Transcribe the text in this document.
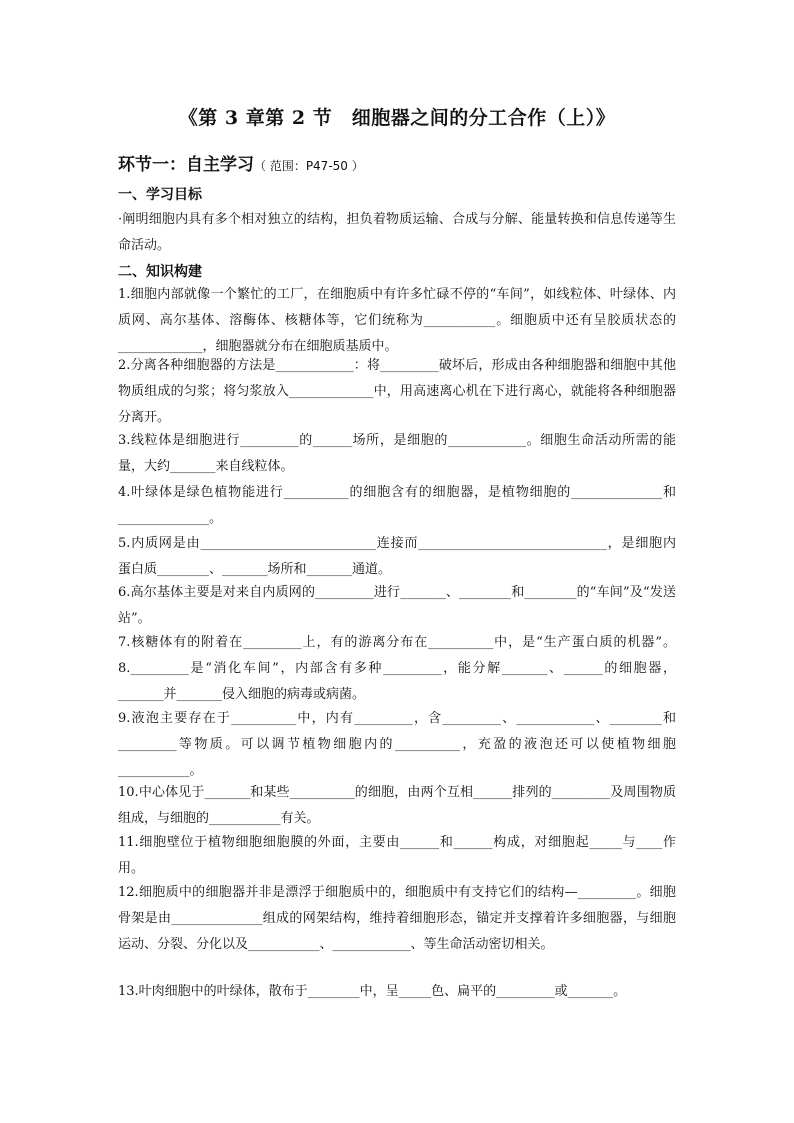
《第 3 章第 2 节　细胞器之间的分工合作（上）》
环节一：自主学习（ 范围：P47-50 ）
一、学习目标
·阐明细胞内具有多个相对独立的结构，担负着物质运输、合成与分解、能量转换和信息传递等生命活动。
二、知识构建
1.细胞内部就像一个繁忙的工厂，在细胞质中有许多忙碌不停的“车间”，如线粒体、叶绿体、内质网、高尔基体、溶酶体、核糖体等，它们统称为___________。细胞质中还有呈胶质状态的_____________，细胞器就分布在细胞质基质中。
2.分离各种细胞器的方法是____________：将_________破坏后，形成由各种细胞器和细胞中其他物质组成的匀浆；将匀浆放入_____________中，用高速离心机在下进行离心，就能将各种细胞器分离开。
3.线粒体是细胞进行_________的______场所，是细胞的____________。细胞生命活动所需的能量，大约_______来自线粒体。
4.叶绿体是绿色植物能进行__________的细胞含有的细胞器，是植物细胞的______________和______________。
5.内质网是由___________________________连接而_____________________________，是细胞内蛋白质________、_______场所和_______通道。
6.高尔基体主要是对来自内质网的_________进行_______、________和________的“车间”及“发送站”。
7.核糖体有的附着在_________上，有的游离分布在__________中，是“生产蛋白质的机器”。8._________是“消化车间”，内部含有多种_________，能分解_______、______的细胞器，_______并_______侵入细胞的病毒或病菌。
9.液泡主要存在于__________中，内有_________，含_________、____________、________和_________等物质。可以调节植物细胞内的__________，充盈的液泡还可以使植物细胞___________。
10.中心体见于_______和某些__________的细胞，由两个互相______排列的_________及周围物质组成，与细胞的___________有关。
11.细胞壁位于植物细胞细胞膜的外面，主要由______和______构成，对细胞起_____与____作用。
12.细胞质中的细胞器并非是漂浮于细胞质中的，细胞质中有支持它们的结构—_________。细胞骨架是由______________组成的网架结构，维持着细胞形态，锚定并支撑着许多细胞器，与细胞运动、分裂、分化以及___________、____________、等生命活动密切相关。
13.叶肉细胞中的叶绿体，散布于________中，呈_____色、扁平的_________或_______。
